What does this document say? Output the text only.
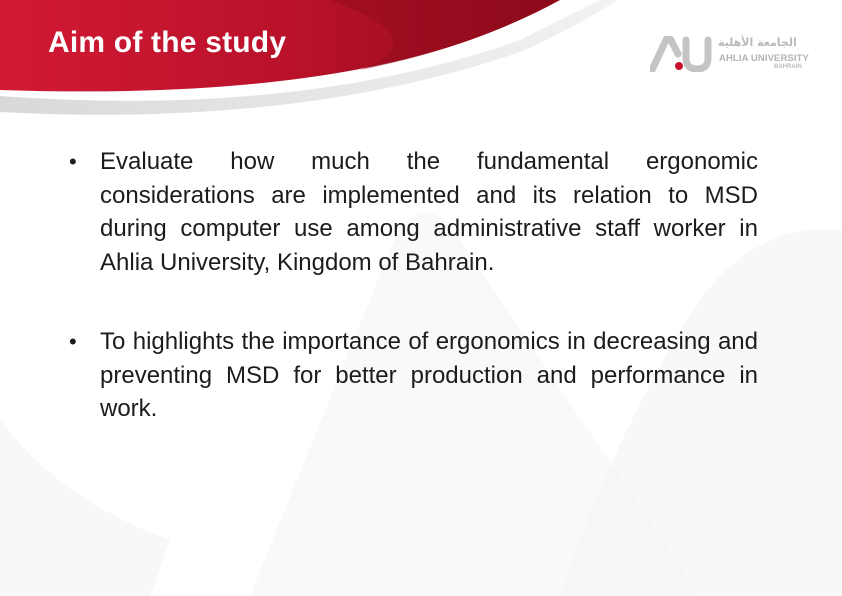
Aim of the study	الجامعة الأهلية
AHLIA UNIVERSITY
BAHRAIN
• Evaluate how much the fundamental ergonomic considerations are implemented and its relation to MSD during computer use among administrative staff worker in Ahlia University, Kingdom of Bahrain.
• To highlights the importance of ergonomics in decreasing and preventing MSD for better production and performance in work.
